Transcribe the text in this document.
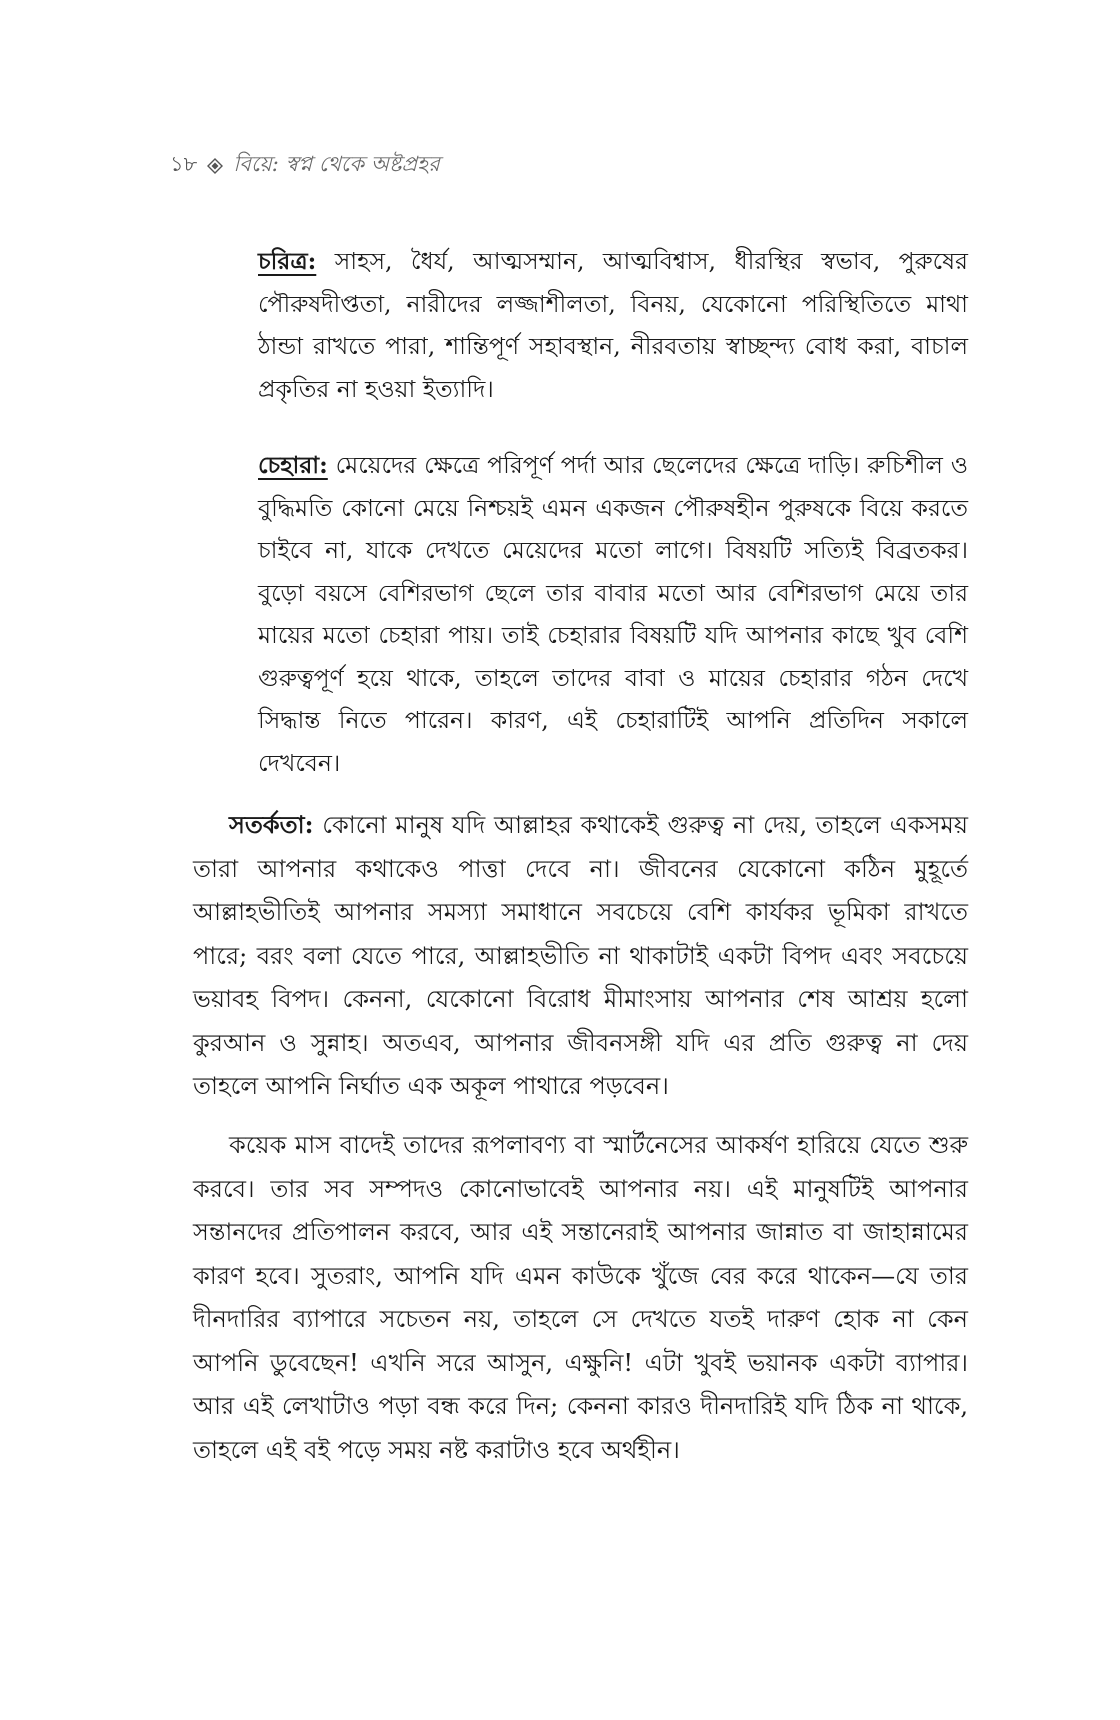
১৮ বিয়ে: স্বপ্ন থেকে অষ্টপ্রহর

চরিত্র: সাহস, ধৈর্য, আত্মসম্মান, আত্মবিশ্বাস, ধীরস্থির স্বভাব, পুরুষের পৌরুষদীপ্ততা, নারীদের লজ্জাশীলতা, বিনয়, যেকোনো পরিস্থিতিতে মাথা ঠান্ডা রাখতে পারা, শান্তিপূর্ণ সহাবস্থান, নীরবতায় স্বাচ্ছন্দ্য বোধ করা, বাচাল প্রকৃতির না হওয়া ইত্যাদি।

চেহারা: মেয়েদের ক্ষেত্রে পরিপূর্ণ পর্দা আর ছেলেদের ক্ষেত্রে দাড়ি। রুচিশীল ও বুদ্ধিমতি কোনো মেয়ে নিশ্চয়ই এমন একজন পৌরুষহীন পুরুষকে বিয়ে করতে চাইবে না, যাকে দেখতে মেয়েদের মতো লাগে। বিষয়টি সত্যিই বিব্রতকর। বুড়ো বয়সে বেশিরভাগ ছেলে তার বাবার মতো আর বেশিরভাগ মেয়ে তার মায়ের মতো চেহারা পায়। তাই চেহারার বিষয়টি যদি আপনার কাছে খুব বেশি গুরুত্বপূর্ণ হয়ে থাকে, তাহলে তাদের বাবা ও মায়ের চেহারার গঠন দেখে সিদ্ধান্ত নিতে পারেন। কারণ, এই চেহারাটিই আপনি প্রতিদিন সকালে দেখবেন।

সতর্কতা: কোনো মানুষ যদি আল্লাহর কথাকেই গুরুত্ব না দেয়, তাহলে একসময় তারা আপনার কথাকেও পাত্তা দেবে না। জীবনের যেকোনো কঠিন মুহূর্তে আল্লাহভীতিই আপনার সমস্যা সমাধানে সবচেয়ে বেশি কার্যকর ভূমিকা রাখতে পারে; বরং বলা যেতে পারে, আল্লাহভীতি না থাকাটাই একটা বিপদ এবং সবচেয়ে ভয়াবহ বিপদ। কেননা, যেকোনো বিরোধ মীমাংসায় আপনার শেষ আশ্রয় হলো কুরআন ও সুন্নাহ। অতএব, আপনার জীবনসঙ্গী যদি এর প্রতি গুরুত্ব না দেয় তাহলে আপনি নির্ঘাত এক অকূল পাথারে পড়বেন।

কয়েক মাস বাদেই তাদের রূপলাবণ্য বা স্মার্টনেসের আকর্ষণ হারিয়ে যেতে শুরু করবে। তার সব সম্পদও কোনোভাবেই আপনার নয়। এই মানুষটিই আপনার সন্তানদের প্রতিপালন করবে, আর এই সন্তানেরাই আপনার জান্নাত বা জাহান্নামের কারণ হবে। সুতরাং, আপনি যদি এমন কাউকে খুঁজে বের করে থাকেন—যে তার দীনদারির ব্যাপারে সচেতন নয়, তাহলে সে দেখতে যতই দারুণ হোক না কেন আপনি ডুবেছেন! এখনি সরে আসুন, এক্ষুনি! এটা খুবই ভয়ানক একটা ব্যাপার। আর এই লেখাটাও পড়া বন্ধ করে দিন; কেননা কারও দীনদারিই যদি ঠিক না থাকে, তাহলে এই বই পড়ে সময় নষ্ট করাটাও হবে অর্থহীন।
